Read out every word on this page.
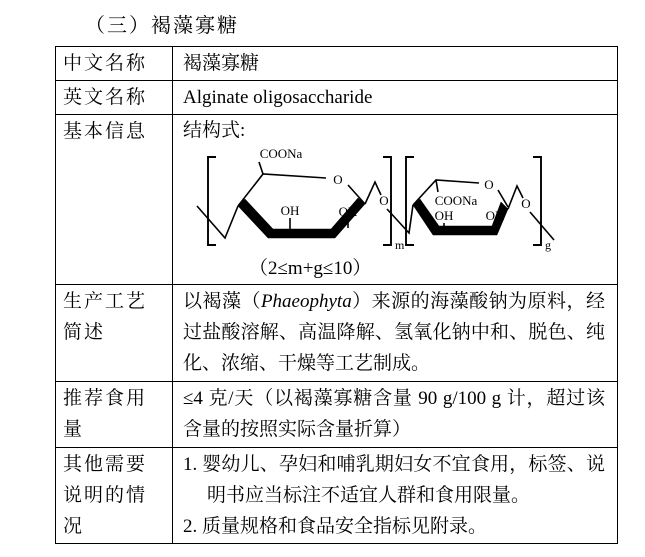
（三）褐藻寡糖
中文名称	褐藻寡糖
英文名称	Alginate oligosaccharide
基本信息	结构式:
COONa
O
OH	OH
O
m
O
COONa
OH OH
O
g
（2≤m+g≤10）

生产工艺简述	以褐藻（Phaeophyta）来源的海藻酸钠为原料，经过盐酸溶解、高温降解、氢氧化钠中和、脱色、纯化、浓缩、干燥等工艺制成。
推荐食用量	≤4 克/天（以褐藻寡糖含量 90 g/100 g 计，超过该含量的按照实际含量折算）
其他需要说明的情况	1. 婴幼儿、孕妇和哺乳期妇女不宜食用，标签、说明书应当标注不适宜人群和食用限量。
2. 质量规格和食品安全指标见附录。
